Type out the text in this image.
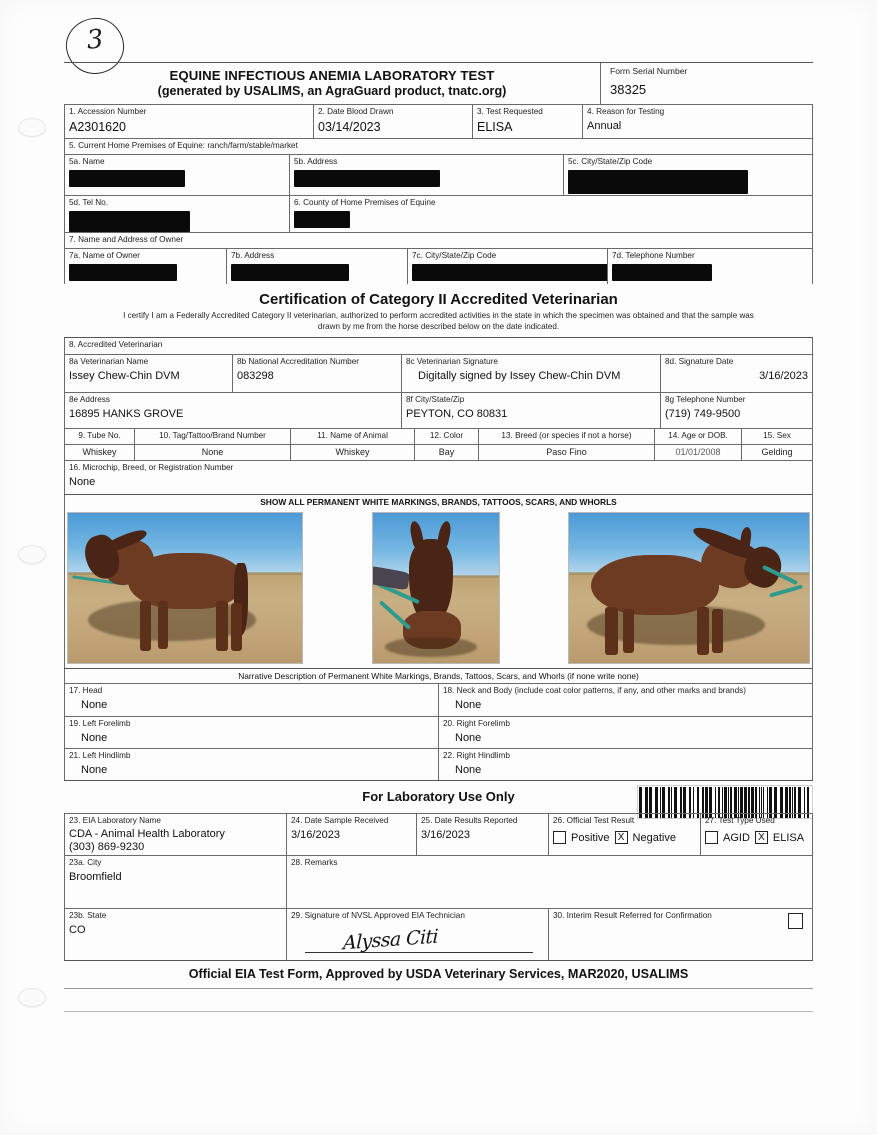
3
EQUINE INFECTIOUS ANEMIA LABORATORY TEST
(generated by USALIMS, an AgraGuard product, tnatc.org)
Form Serial Number
38325
1. Accession Number
A2301620
2. Date Blood Drawn
03/14/2023
3. Test Requested
ELISA
4. Reason for Testing
Annual
5. Current Home Premises of Equine: ranch/farm/stable/market
5a. Name	5b. Address	5c. City/State/Zip Code
5d. Tel No.	6. County of Home Premises of Equine
7. Name and Address of Owner
7a. Name of Owner	7b. Address	7c. City/State/Zip Code	7d. Telephone Number
Certification of Category II Accredited Veterinarian
I certify I am a Federally Accredited Category II veterinarian, authorized to perform accredited activities in the state in which the specimen was obtained and that the sample was
drawn by me from the horse described below on the date indicated.
8. Accredited Veterinarian
8a Veterinarian Name
Issey Chew-Chin DVM
8b National Accreditation Number
083298
8c Veterinarian Signature
Digitally signed by Issey Chew-Chin DVM
8d. Signature Date
3/16/2023
8e Address
16895 HANKS GROVE
8f City/State/Zip
PEYTON, CO 80831
8g Telephone Number
(719) 749-9500
9. Tube No.	10. Tag/Tattoo/Brand Number	11. Name of Animal	12. Color	13. Breed (or species if not a horse)	14. Age or DOB.	15. Sex
Whiskey	None	Whiskey	Bay	Paso Fino	01/01/2008	Gelding
16. Microchip, Breed, or Registration Number
None
SHOW ALL PERMANENT WHITE MARKINGS, BRANDS, TATTOOS, SCARS, AND WHORLS
Narrative Description of Permanent White Markings, Brands, Tattoos, Scars, and Whorls (if none write none)
17. Head
None
18. Neck and Body (include coat color patterns, if any, and other marks and brands)
None
19. Left Forelimb
None
20. Right Forelimb
None
21. Left Hindlimb
None
22. Right Hindlimb
None
For Laboratory Use Only
23. EIA Laboratory Name
CDA - Animal Health Laboratory
(303) 869-9230
24. Date Sample Received
3/16/2023
25. Date Results Reported
3/16/2023
26. Official Test Result
Positive X Negative
27. Test Type Used
AGID X ELISA
23a. City
Broomfield
28. Remarks
23b. State
CO
29. Signature of NVSL Approved EIA Technician
Alyssa Citi
30. Interim Result Referred for Confirmation
Official EIA Test Form, Approved by USDA Veterinary Services, MAR2020, USALIMS
